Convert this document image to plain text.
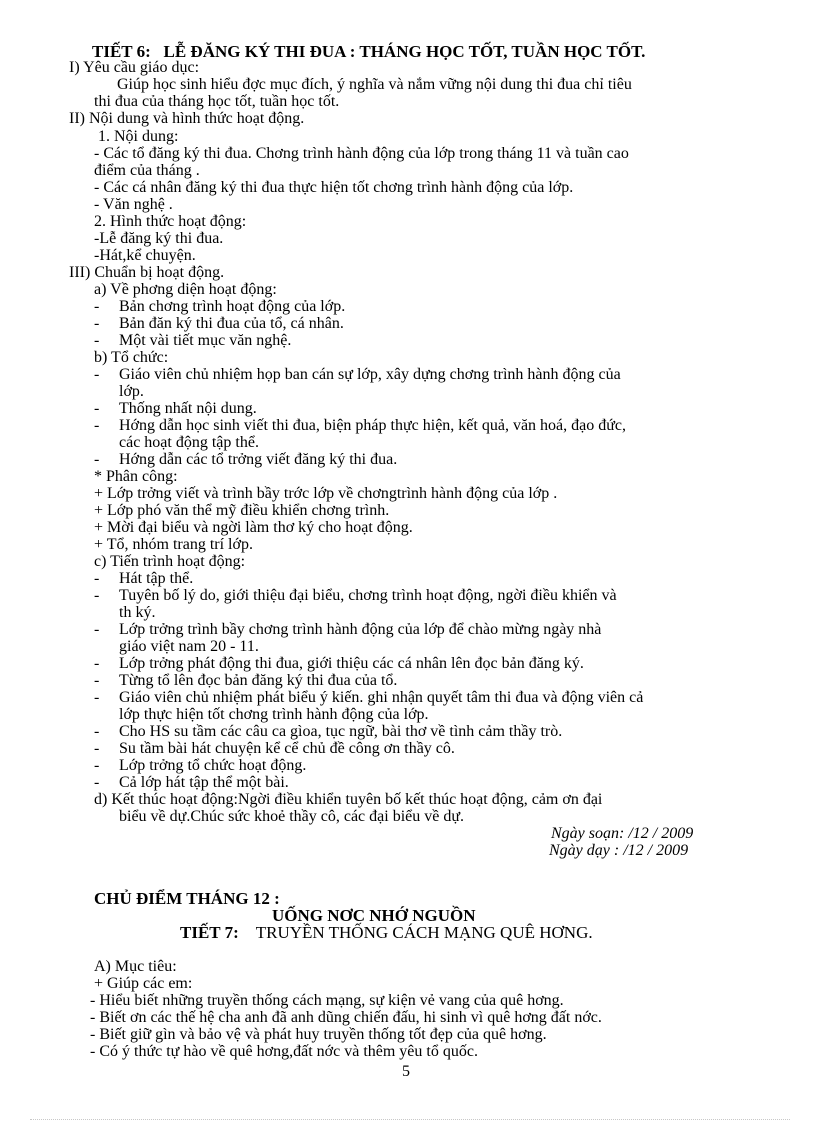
TIẾT 6: LỄ ĐĂNG KÝ THI ĐUA : THÁNG HỌC TỐT, TUẦN HỌC TỐT.
I) Yêu cầu giáo dục:
Giúp học sinh hiểu đợc mục đích, ý nghĩa và nắm vững nội dung thi đua chỉ tiêu
thi đua của tháng học tốt, tuần học tốt.
II) Nội dung và hình thức hoạt động.
1. Nội dung:
- Các tổ đăng ký thi đua. Chơng trình hành động của lớp trong tháng 11 và tuần cao
điểm của tháng .
- Các cá nhân đăng ký thi đua thực hiện tốt chơng trình hành động của lớp.
- Văn nghệ .
2. Hình thức hoạt động:
-Lễ đăng ký thi đua.
-Hát,kể chuyện.
III) Chuẩn bị hoạt động.
a) Về phơng diện hoạt động:
- Bản chơng trình hoạt động của lớp.
- Bản đăn ký thi đua của tổ, cá nhân.
- Một vài tiết mục văn nghệ.
b) Tổ chức:
- Giáo viên chủ nhiệm họp ban cán sự lớp, xây dựng chơng trình hành động của
lớp.
- Thống nhất nội dung.
- Hớng dẫn học sinh viết thi đua, biện pháp thực hiện, kết quả, văn hoá, đạo đức,
các hoạt động tập thể.
- Hớng dẫn các tổ trởng viết đăng ký thi đua.
* Phân công:
+ Lớp trởng viết và trình bầy trớc lớp về chơngtrình hành động của lớp .
+ Lớp phó văn thể mỹ điều khiển chơng trình.
+ Mời đại biểu và ngời làm thơ ký cho hoạt động.
+ Tổ, nhóm trang trí lớp.
c) Tiến trình hoạt động:
- Hát tập thể.
- Tuyên bố lý do, giới thiệu đại biểu, chơng trình hoạt động, ngời điều khiển và
th ký.
- Lớp trởng trình bầy chơng trình hành động của lớp để chào mừng ngày nhà
giáo việt nam 20 - 11.
- Lớp trởng phát động thi đua, giới thiệu các cá nhân lên đọc bản đăng ký.
- Từng tổ lên đọc bản đăng ký thi đua của tổ.
- Giáo viên chủ nhiệm phát biểu ý kiến. ghi nhận quyết tâm thi đua và động viên cả
lớp thực hiện tốt chơng trình hành động của lớp.
- Cho HS su tầm các câu ca gìoa, tục ngữ, bài thơ về tình cảm thầy trò.
- Su tầm bài hát chuyện kể cể chủ đề công ơn thầy cô.
- Lớp trởng tổ chức hoạt động.
- Cả lớp hát tập thể một bài.
d) Kết thúc hoạt động:Ngời điều khiển tuyên bố kết thúc hoạt động, cảm ơn đại
biểu về dự.Chúc sức khoẻ thầy cô, các đại biểu về dự.
Ngày soạn: /12 / 2009
Ngày dạy : /12 / 2009
CHỦ ĐIỂM THÁNG 12 :
UỐNG NƠC NHỚ NGUỒN
TIẾT 7: TRUYỀN THỐNG CÁCH MẠNG QUÊ HƠNG.
A) Mục tiêu:
+ Giúp các em:
- Hiểu biết những truyền thống cách mạng, sự kiện vẻ vang của quê hơng.
- Biết ơn các thế hệ cha anh đã anh dũng chiến đấu, hi sinh vì quê hơng đất nớc.
- Biết giữ gìn và bảo vệ và phát huy truyền thống tốt đẹp của quê hơng.
- Có ý thức tự hào về quê hơng,đất nớc và thêm yêu tổ quốc.
5
